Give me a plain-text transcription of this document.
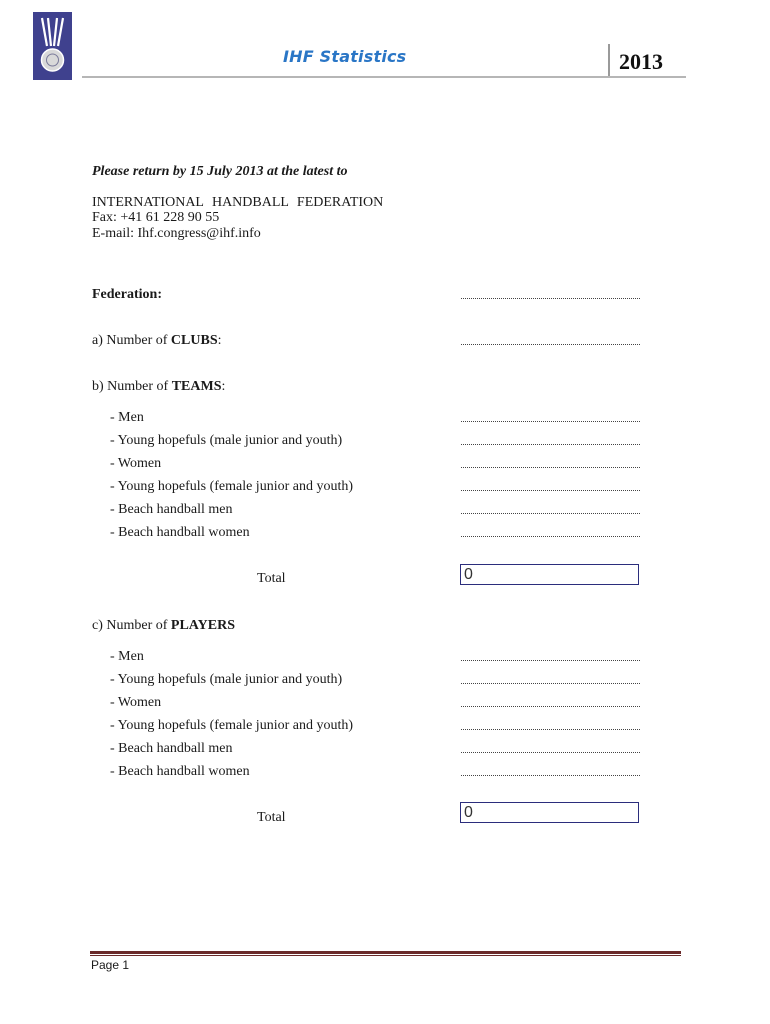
IHF Statistics	2013
Please return by 15 July 2013 at the latest to
INTERNATIONAL HANDBALL FEDERATION
Fax: +41 61 228 90 55
E-mail: Ihf.congress@ihf.info
Federation:
a) Number of CLUBS:
b) Number of TEAMS:
- Men
- Young hopefuls (male junior and youth)
- Women
- Young hopefuls (female junior and youth)
- Beach handball men
- Beach handball women
Total	0
c) Number of PLAYERS
- Men
- Young hopefuls (male junior and youth)
- Women
- Young hopefuls (female junior and youth)
- Beach handball men
- Beach handball women
Total	0
Page 1
